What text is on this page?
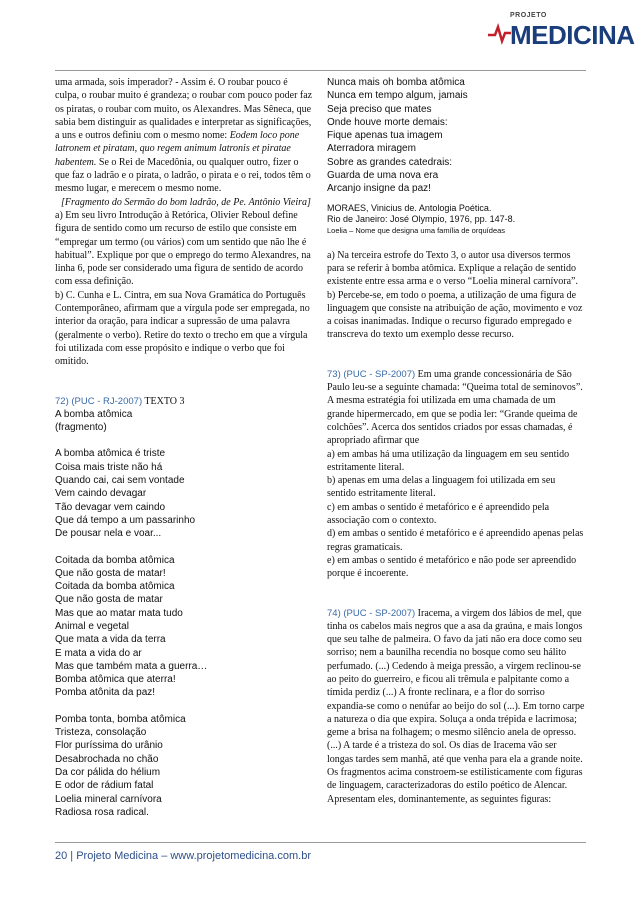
PROJETO
MEDICINA

uma armada, sois imperador? - Assim é. O roubar pouco é culpa, o roubar muito é grandeza; o roubar com pouco poder faz os piratas, o roubar com muito, os Alexandres. Mas Sêneca, que sabia bem distinguir as qualidades e interpretar as significações, a uns e outros definiu com o mesmo nome: Eodem loco pone latronem et piratam, quo regem animum latronis et piratae habentem. Se o Rei de Macedônia, ou qualquer outro, fizer o que faz o ladrão e o pirata, o ladrão, o pirata e o rei, todos têm o mesmo lugar, e merecem o mesmo nome.

[Fragmento do Sermão do bom ladrão, de Pe. Antônio Vieira]

a) Em seu livro Introdução à Retórica, Olivier Reboul define figura de sentido como um recurso de estilo que consiste em “empregar um termo (ou vários) com um sentido que não lhe é habitual”. Explique por que o emprego do termo Alexandres, na linha 6, pode ser considerado uma figura de sentido de acordo com essa definição.

b) C. Cunha e L. Cintra, em sua Nova Gramática do Português Contemporâneo, afirmam que a vírgula pode ser empregada, no interior da oração, para indicar a supressão de uma palavra (geralmente o verbo). Retire do texto o trecho em que a vírgula foi utilizada com esse propósito e indique o verbo que foi omitido.

72) (PUC - RJ-2007) TEXTO 3

A bomba atômica

(fragmento)

A bomba atômica é triste

Coisa mais triste não há

Quando cai, cai sem vontade

Vem caindo devagar

Tão devagar vem caindo

Que dá tempo a um passarinho

De pousar nela e voar...

Coitada da bomba atômica

Que não gosta de matar!

Coitada da bomba atômica

Que não gosta de matar

Mas que ao matar mata tudo

Animal e vegetal

Que mata a vida da terra

E mata a vida do ar

Mas que também mata a guerra…

Bomba atômica que aterra!

Pomba atônita da paz!

Pomba tonta, bomba atômica

Tristeza, consolação

Flor puríssima do urânio

Desabrochada no chão

Da cor pálida do hélium

E odor de rádium fatal

Loelia mineral carnívora

Radiosa rosa radical.

Nunca mais oh bomba atômica

Nunca em tempo algum, jamais

Seja preciso que mates

Onde houve morte demais:

Fique apenas tua imagem

Aterradora miragem

Sobre as grandes catedrais:

Guarda de uma nova era

Arcanjo insigne da paz!

MORAES, Vinicius de. Antologia Poética.

Rio de Janeiro: José Olympio, 1976, pp. 147-8.

Loelia – Nome que designa uma família de orquídeas

a) Na terceira estrofe do Texto 3, o autor usa diversos termos para se referir à bomba atômica. Explique a relação de sentido existente entre essa arma e o verso “Loelia mineral carnívora”.

b) Percebe-se, em todo o poema, a utilização de uma figura de linguagem que consiste na atribuição de ação, movimento e voz a coisas inanimadas. Indique o recurso figurado empregado e transcreva do texto um exemplo desse recurso.

73) (PUC - SP-2007) Em uma grande concessionária de São Paulo leu-se a seguinte chamada: “Queima total de seminovos”. A mesma estratégia foi utilizada em uma chamada de um grande hipermercado, em que se podia ler: “Grande queima de colchões”. Acerca dos sentidos criados por essas chamadas, é apropriado afirmar que

a) em ambas há uma utilização da linguagem em seu sentido estritamente literal.

b) apenas em uma delas a linguagem foi utilizada em seu sentido estritamente literal.

c) em ambas o sentido é metafórico e é apreendido pela associação com o contexto.

d) em ambas o sentido é metafórico e é apreendido apenas pelas regras gramaticais.

e) em ambas o sentido é metafórico e não pode ser apreendido porque é incoerente.

74) (PUC - SP-2007) Iracema, a virgem dos lábios de mel, que tinha os cabelos mais negros que a asa da graúna, e mais longos que seu talhe de palmeira. O favo da jati não era doce como seu sorriso; nem a baunilha recendia no bosque como seu hálito perfumado. (...) Cedendo à meiga pressão, a virgem reclinou-se ao peito do guerreiro, e ficou ali trêmula e palpitante como a tímida perdiz (...) A fronte reclinara, e a flor do sorriso expandia-se como o nenúfar ao beijo do sol (...). Em torno carpe a natureza o dia que expira. Soluça a onda trépida e lacrimosa; geme a brisa na folhagem; o mesmo silêncio anela de opresso. (...) A tarde é a tristeza do sol. Os dias de Iracema vão ser longas tardes sem manhã, até que venha para ela a grande noite.

Os fragmentos acima constroem-se estilisticamente com figuras de linguagem, caracterizadoras do estilo poético de Alencar. Apresentam eles, dominantemente, as seguintes figuras:

20 | Projeto Medicina – www.projetomedicina.com.br
